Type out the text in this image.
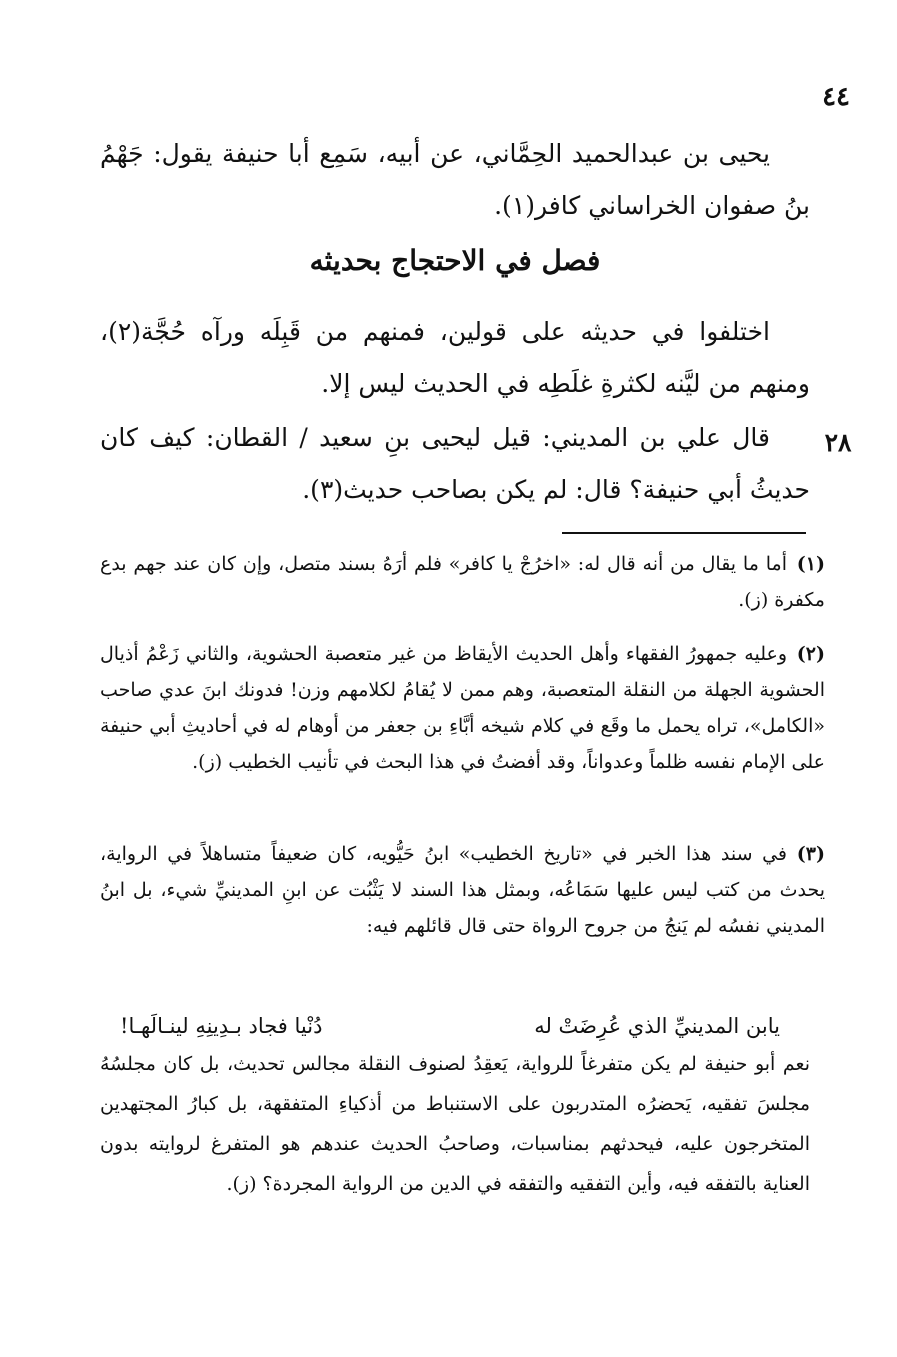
٤٤
يحيى بن عبدالحميد الحِمَّاني، عن أبيه، سَمِع أبا حنيفة يقول: جَهْمُ بنُ صفوان الخراساني كافر(١).
فصل في الاحتجاج بحديثه
اختلفوا في حديثه على قولين، فمنهم من قَبِلَه ورآه حُجَّة(٢)، ومنهم من ليَّنه لكثرةِ غلَطِه في الحديث ليس إلا.
٢٨
قال علي بن المديني: قيل ليحيى بنِ سعيد / القطان: كيف كان حديثُ أبي حنيفة؟ قال: لم يكن بصاحب حديث(٣).
(١)أما ما يقال من أنه قال له: «اخرُجْ يا كافر» فلم أرَهُ بسند متصل، وإن كان عند جهم بدع مكفرة (ز).
(٢)وعليه جمهورُ الفقهاء وأهل الحديث الأيقاظ من غير متعصبة الحشوية، والثاني زَعْمُ أذيال الحشوية الجهلة من النقلة المتعصبة، وهم ممن لا يُقامُ لكلامهم وزن! فدونك ابنَ عدي صاحب «الكامل»، تراه يحمل ما وقَع في كلام شيخه أبَّاءِ بن جعفر من أوهام له في أحاديثِ أبي حنيفة على الإمام نفسه ظلماً وعدواناً، وقد أفضتُ في هذا البحث في تأنيب الخطيب (ز).
(٣)في سند هذا الخبر في «تاريخ الخطيب» ابنُ حَيُّويه، كان ضعيفاً متساهلاً في الرواية، يحدث من كتب ليس عليها سَمَاعُه، وبمثل هذا السند لا يَثْبُت عن ابنِ المدينيِّ شيء، بل ابنُ المديني نفسُه لم يَنجُ من جروح الرواة حتى قال قائلهم فيه:
يابن المدينيِّ الذي عُرِضَتْ له
دُنْيا فجاد بـدِينِهِ لينـالَهـا!
نعم أبو حنيفة لم يكن متفرغاً للرواية، يَعقِدُ لصنوف النقلة مجالس تحديث، بل كان مجلسُهُ مجلسَ تفقيه، يَحضرُه المتدربون على الاستنباط من أذكياءِ المتفقهة، بل كبارُ المجتهدين المتخرجون عليه، فيحدثهم بمناسبات، وصاحبُ الحديث عندهم هو المتفرغ لروايته بدون العناية بالتفقه فيه، وأين التفقيه والتفقه في الدين من الرواية المجردة؟ (ز).
